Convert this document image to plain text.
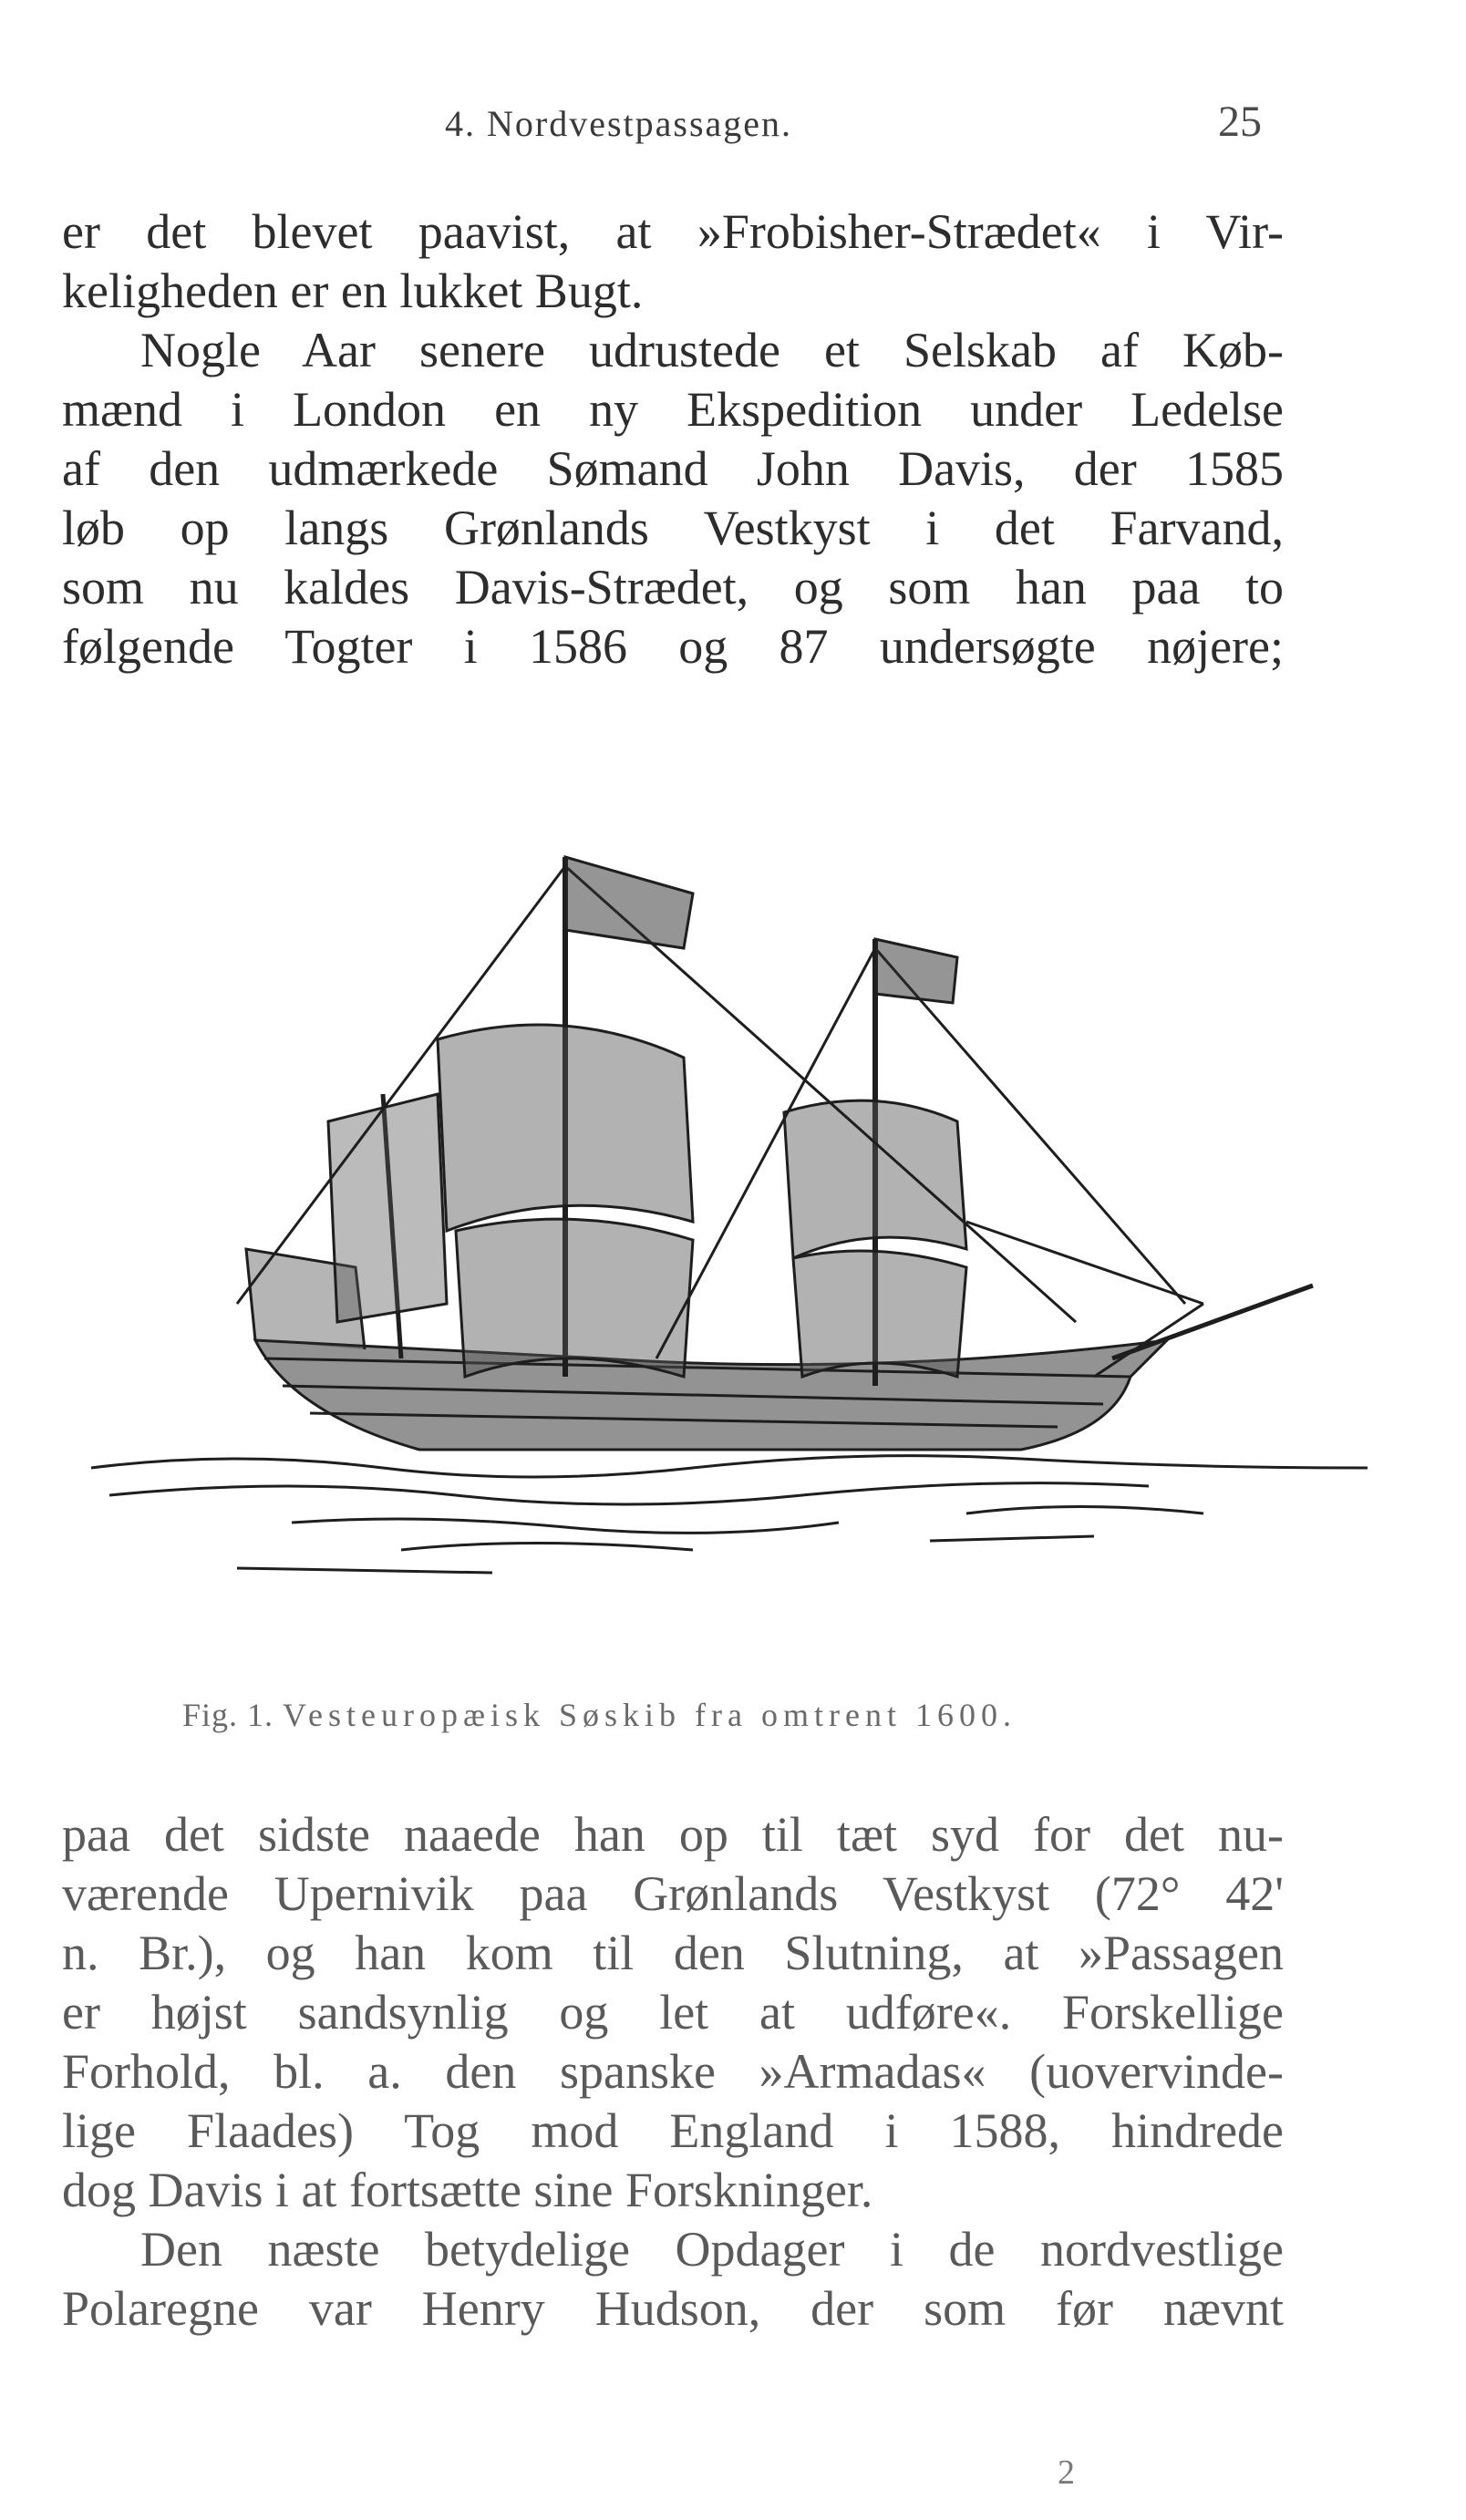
4. Nordvestpassagen.	25
er det blevet paavist, at »Frobisher-Strædet« i Vir-
keligheden er en lukket Bugt.
Nogle Aar senere udrustede et Selskab af Køb-
mænd i London en ny Ekspedition under Ledelse
af den udmærkede Sømand John Davis, der 1585
løb op langs Grønlands Vestkyst i det Farvand,
som nu kaldes Davis-Strædet, og som han paa to
følgende Togter i 1586 og 87 undersøgte nøjere;
Fig. 1. Vesteuropæisk Søskib fra omtrent 1600.
paa det sidste naaede han op til tæt syd for det nu-
værende Upernivik paa Grønlands Vestkyst (72° 42'
n. Br.), og han kom til den Slutning, at »Passagen
er højst sandsynlig og let at udføre«. Forskellige
Forhold, bl. a. den spanske »Armadas« (uovervinde-
lige Flaades) Tog mod England i 1588, hindrede
dog Davis i at fortsætte sine Forskninger.
Den næste betydelige Opdager i de nordvestlige
Polaregne var Henry Hudson, der som før nævnt
2
